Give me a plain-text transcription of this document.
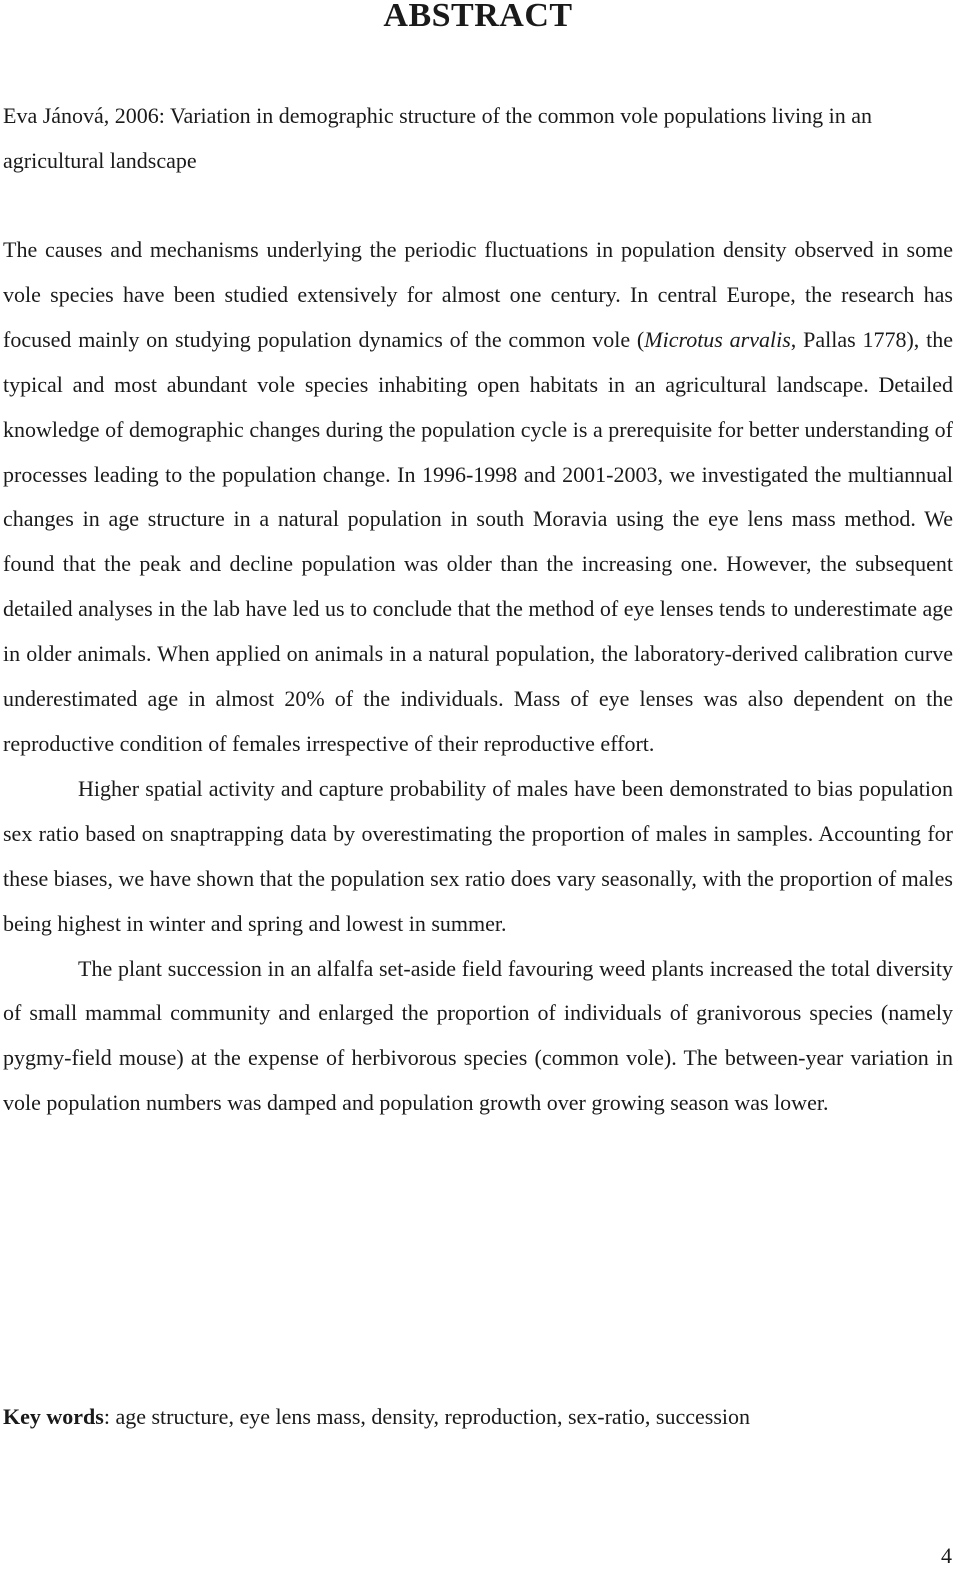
ABSTRACT
Eva Jánová, 2006: Variation in demographic structure of the common vole populations living in an agricultural landscape

The causes and mechanisms underlying the periodic fluctuations in population density observed in some vole species have been studied extensively for almost one century. In central Europe, the research has focused mainly on studying population dynamics of the common vole (Microtus arvalis, Pallas 1778), the typical and most abundant vole species inhabiting open habitats in an agricultural landscape. Detailed knowledge of demographic changes during the population cycle is a prerequisite for better understanding of processes leading to the population change. In 1996-1998 and 2001-2003, we investigated the multiannual changes in age structure in a natural population in south Moravia using the eye lens mass method. We found that the peak and decline population was older than the increasing one. However, the subsequent detailed analyses in the lab have led us to conclude that the method of eye lenses tends to underestimate age in older animals. When applied on animals in a natural population, the laboratory-derived calibration curve underestimated age in almost 20% of the individuals. Mass of eye lenses was also dependent on the reproductive condition of females irrespective of their reproductive effort.

Higher spatial activity and capture probability of males have been demonstrated to bias population sex ratio based on snaptrapping data by overestimating the proportion of males in samples. Accounting for these biases, we have shown that the population sex ratio does vary seasonally, with the proportion of males being highest in winter and spring and lowest in summer.

The plant succession in an alfalfa set-aside field favouring weed plants increased the total diversity of small mammal community and enlarged the proportion of individuals of granivorous species (namely pygmy-field mouse) at the expense of herbivorous species (common vole). The between-year variation in vole population numbers was damped and population growth over growing season was lower.

Key words: age structure, eye lens mass, density, reproduction, sex-ratio, succession
4
